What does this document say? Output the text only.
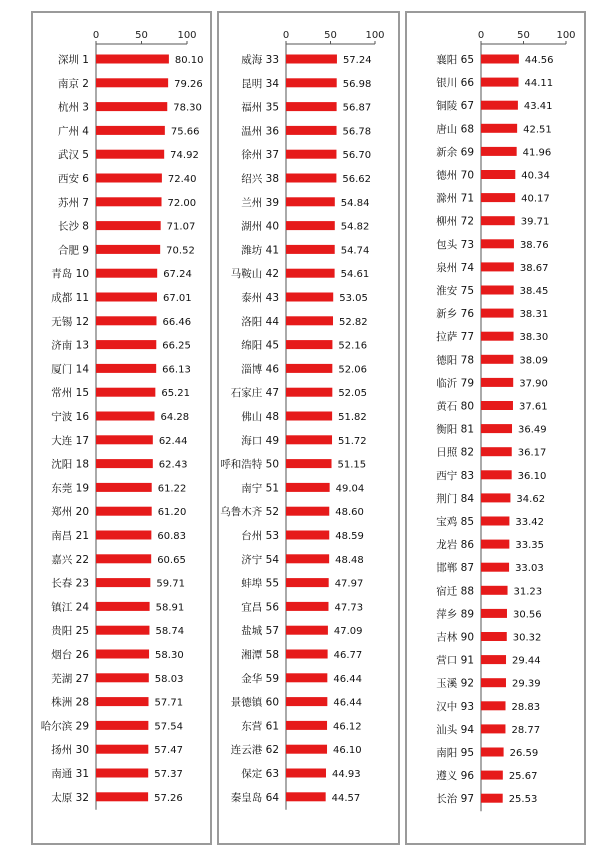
0	50	100
深圳 1	80.10
南京 2	79.26
杭州 3	78.30
广州 4	75.66
武汉 5	74.92
西安 6	72.40
苏州 7	72.00
长沙 8	71.07
合肥 9	70.52
青岛 10	67.24
成都 11	67.01
无锡 12	66.46
济南 13	66.25
厦门 14	66.13
常州 15	65.21
宁波 16	64.28
大连 17	62.44
沈阳 18	62.43
东莞 19	61.22
郑州 20	61.20
南昌 21	60.83
嘉兴 22	60.65
长春 23	59.71
镇江 24	58.91
贵阳 25	58.74
烟台 26	58.30
芜湖 27	58.03
株洲 28	57.71
哈尔滨 29	57.54
扬州 30	57.47
南通 31	57.37
太原 32	57.26
0	50	100
威海 33	57.24
昆明 34	56.98
福州 35	56.87
温州 36	56.78
徐州 37	56.70
绍兴 38	56.62
兰州 39	54.84
湖州 40	54.82
潍坊 41	54.74
马鞍山 42	54.61
泰州 43	53.05
洛阳 44	52.82
绵阳 45	52.16
淄博 46	52.06
石家庄 47	52.05
佛山 48	51.82
海口 49	51.72
呼和浩特 50	51.15
南宁 51	49.04
乌鲁木齐 52	48.60
台州 53	48.59
济宁 54	48.48
蚌埠 55	47.97
宜昌 56	47.73
盐城 57	47.09
湘潭 58	46.77
金华 59	46.44
景德镇 60	46.44
东营 61	46.12
连云港 62	46.10
保定 63	44.93
秦皇岛 64	44.57
0	50	100
襄阳 65	44.56
银川 66	44.11
铜陵 67	43.41
唐山 68	42.51
新余 69	41.96
德州 70	40.34
滁州 71	40.17
柳州 72	39.71
包头 73	38.76
泉州 74	38.67
淮安 75	38.45
新乡 76	38.31
拉萨 77	38.30
德阳 78	38.09
临沂 79	37.90
黄石 80	37.61
衡阳 81	36.49
日照 82	36.17
西宁 83	36.10
荆门 84	34.62
宝鸡 85	33.42
龙岩 86	33.35
邯郸 87	33.03
宿迁 88	31.23
萍乡 89	30.56
吉林 90	30.32
营口 91	29.44
玉溪 92	29.39
汉中 93	28.83
汕头 94	28.77
南阳 95	26.59
遵义 96	25.67
长治 97	25.53
